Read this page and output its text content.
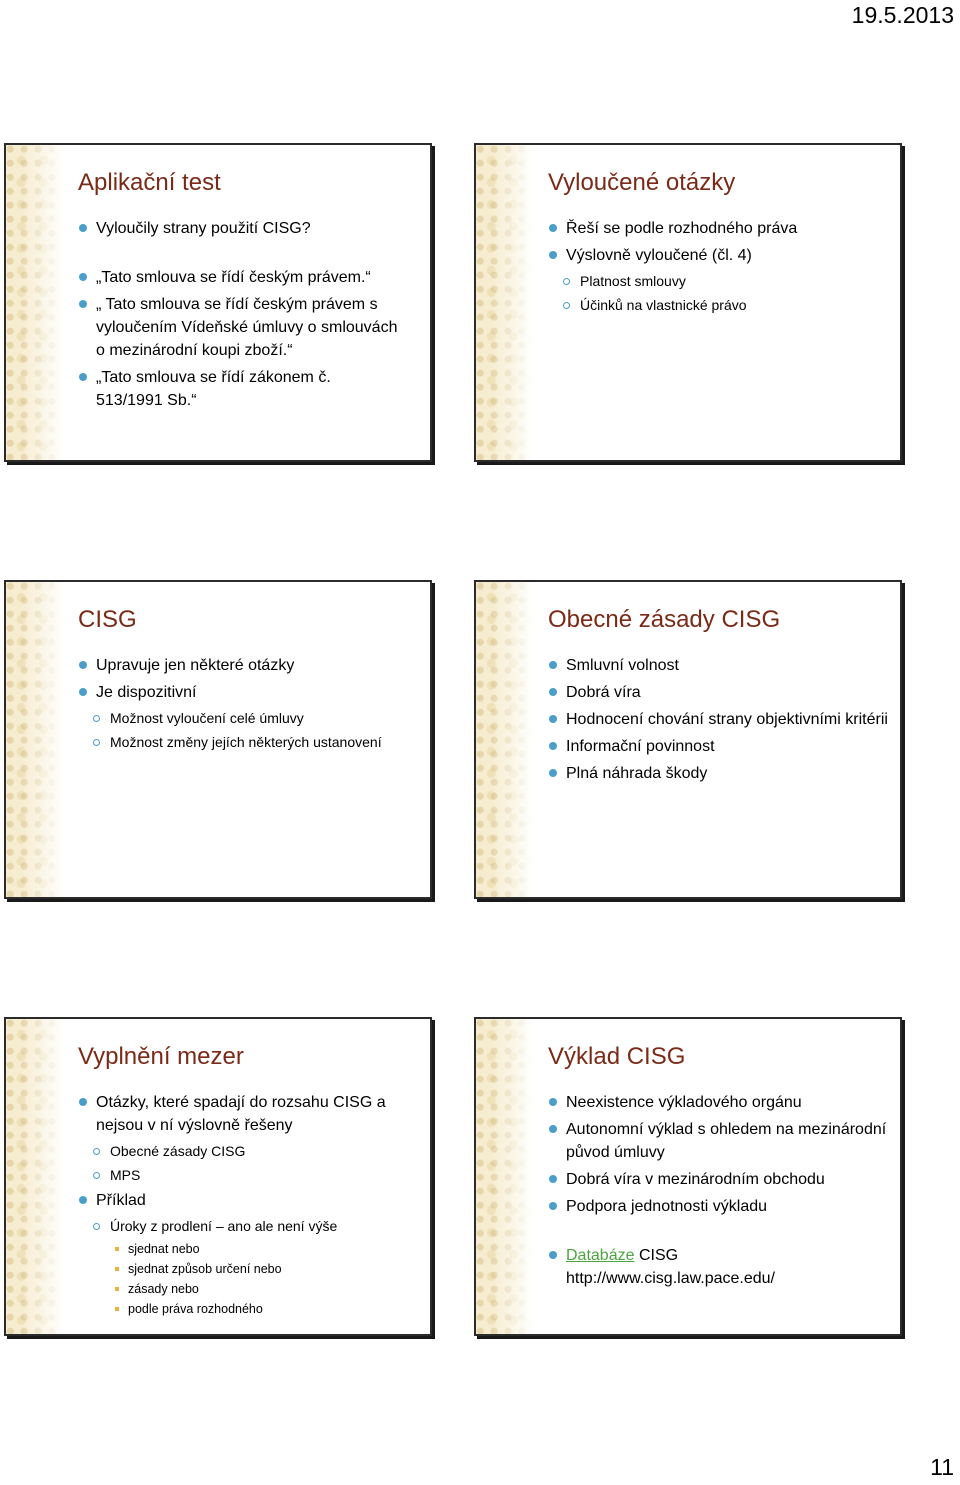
19.5.2013
Aplikační test
Vyloučily strany použití CISG?
„Tato smlouva se řídí českým právem.“
„ Tato smlouva se řídí českým právem s vyloučením Vídeňské úmluvy o smlouvách o mezinárodní koupi zboží.“
„Tato smlouva se řídí zákonem č. 513/1991 Sb.“
Vyloučené otázky
Řeší se podle rozhodného práva
Výslovně vyloučené (čl. 4)
Platnost smlouvy
Účinků na vlastnické právo
CISG
Upravuje jen některé otázky
Je dispozitivní
Možnost vyloučení celé úmluvy
Možnost změny jejích některých ustanovení
Obecné zásady CISG
Smluvní volnost
Dobrá víra
Hodnocení chování strany objektivními kritérii
Informační povinnost
Plná náhrada škody
Vyplnění mezer
Otázky, které spadají do rozsahu CISG a nejsou v ní výslovně řešeny
Obecné zásady CISG
MPS
Příklad
Úroky z prodlení – ano ale není výše
sjednat nebo
sjednat způsob určení nebo
zásady nebo
podle práva rozhodného
Výklad CISG
Neexistence výkladového orgánu
Autonomní výklad s ohledem na mezinárodní původ úmluvy
Dobrá víra v mezinárodním obchodu
Podpora jednotnosti výkladu
Databáze CISG
http://www.cisg.law.pace.edu/
11
